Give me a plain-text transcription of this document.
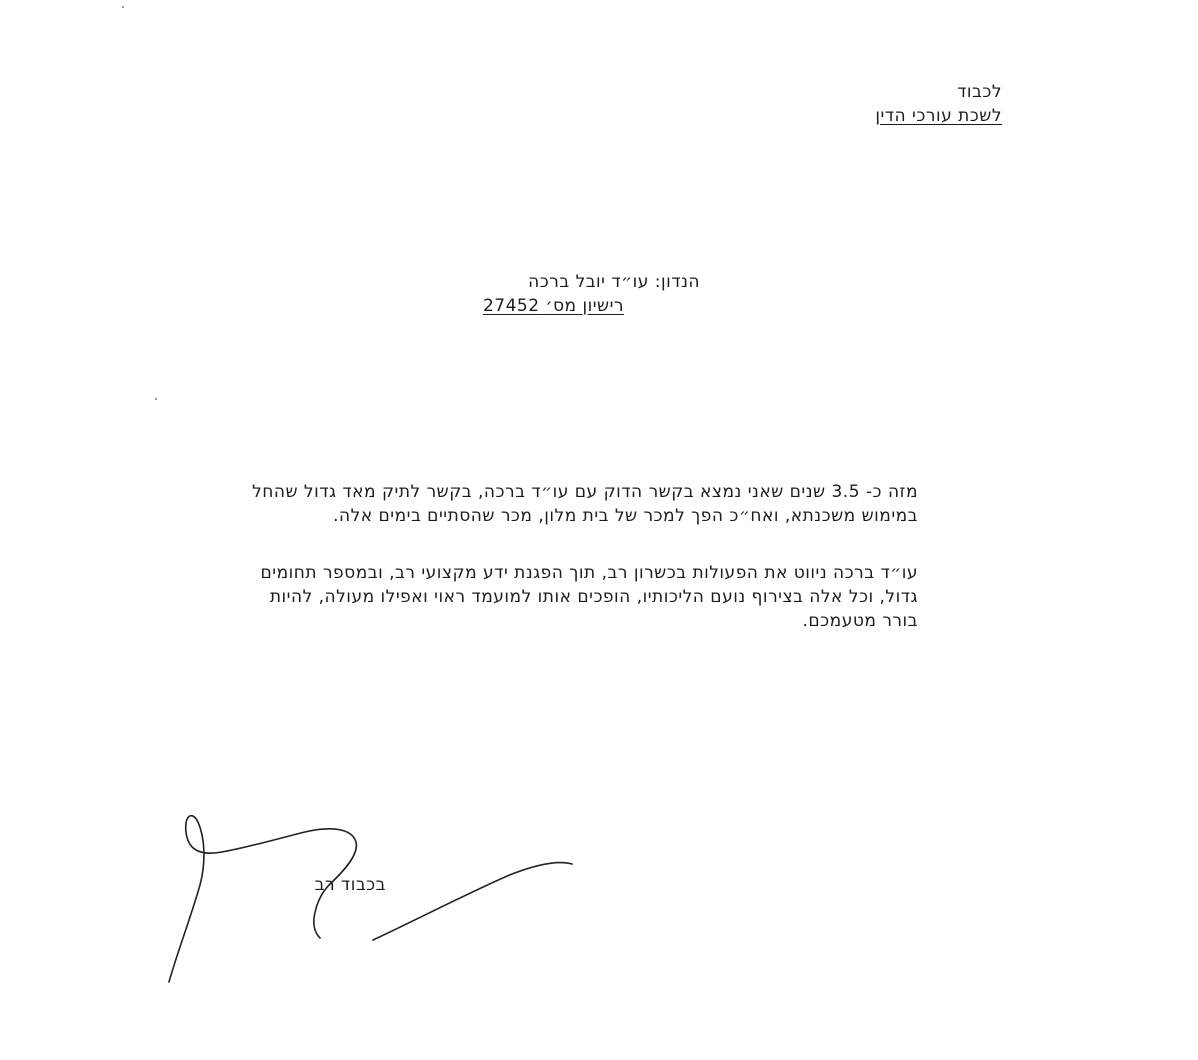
לכבוד
לשכת עורכי הדין
הנדון: עו״ד יובל ברכה
רישיון מס׳ 27452
מזה כ- 3.5 שנים שאני נמצא בקשר הדוק עם עו״ד ברכה, בקשר לתיק מאד גדול שהחל
במימוש משכנתא, ואח״כ הפך למכר של בית מלון, מכר שהסתיים בימים אלה.
עו״ד ברכה ניווט את הפעולות בכשרון רב, תוך הפגנת ידע מקצועי רב, ובמספר תחומים
גדול, וכל אלה בצירוף נועם הליכותיו, הופכים אותו למועמד ראוי ואפילו מעולה, להיות
בורר מטעמכם.
בכבוד רב
